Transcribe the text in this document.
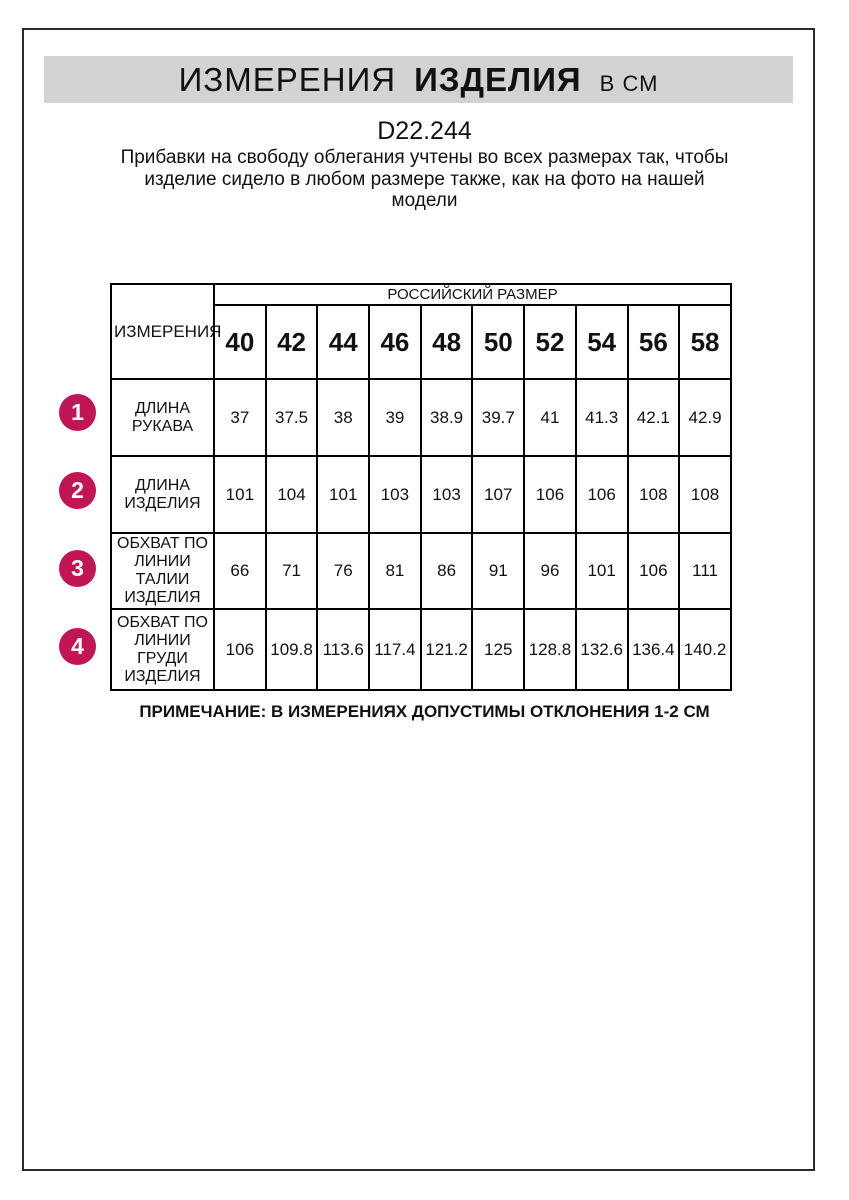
ИЗМЕРЕНИЯ ИЗДЕЛИЯ В СМ
D22.244
Прибавки на свободу облегания учтены во всех размерах так, чтобы
изделие сидело в любом размере также, как на фото на нашей
модели
ИЗМЕРЕНИЯ	РОССИЙСКИЙ РАЗМЕР									
	40	42	44	46	48	50	52	54	56	58
ДЛИНА
РУКАВА	37	37.5	38	39	38.9	39.7	41	41.3	42.1	42.9
ДЛИНА
ИЗДЕЛИЯ	101	104	101	103	103	107	106	106	108	108
ОБХВАТ ПО
ЛИНИИ
ТАЛИИ
ИЗДЕЛИЯ	66	71	76	81	86	91	96	101	106	111
ОБХВАТ ПО
ЛИНИИ
ГРУДИ
ИЗДЕЛИЯ	106	109.8	113.6	117.4	121.2	125	128.8	132.6	136.4	140.2
1
2
3
4
ПРИМЕЧАНИЕ: В ИЗМЕРЕНИЯХ ДОПУСТИМЫ ОТКЛОНЕНИЯ 1-2 СМ
